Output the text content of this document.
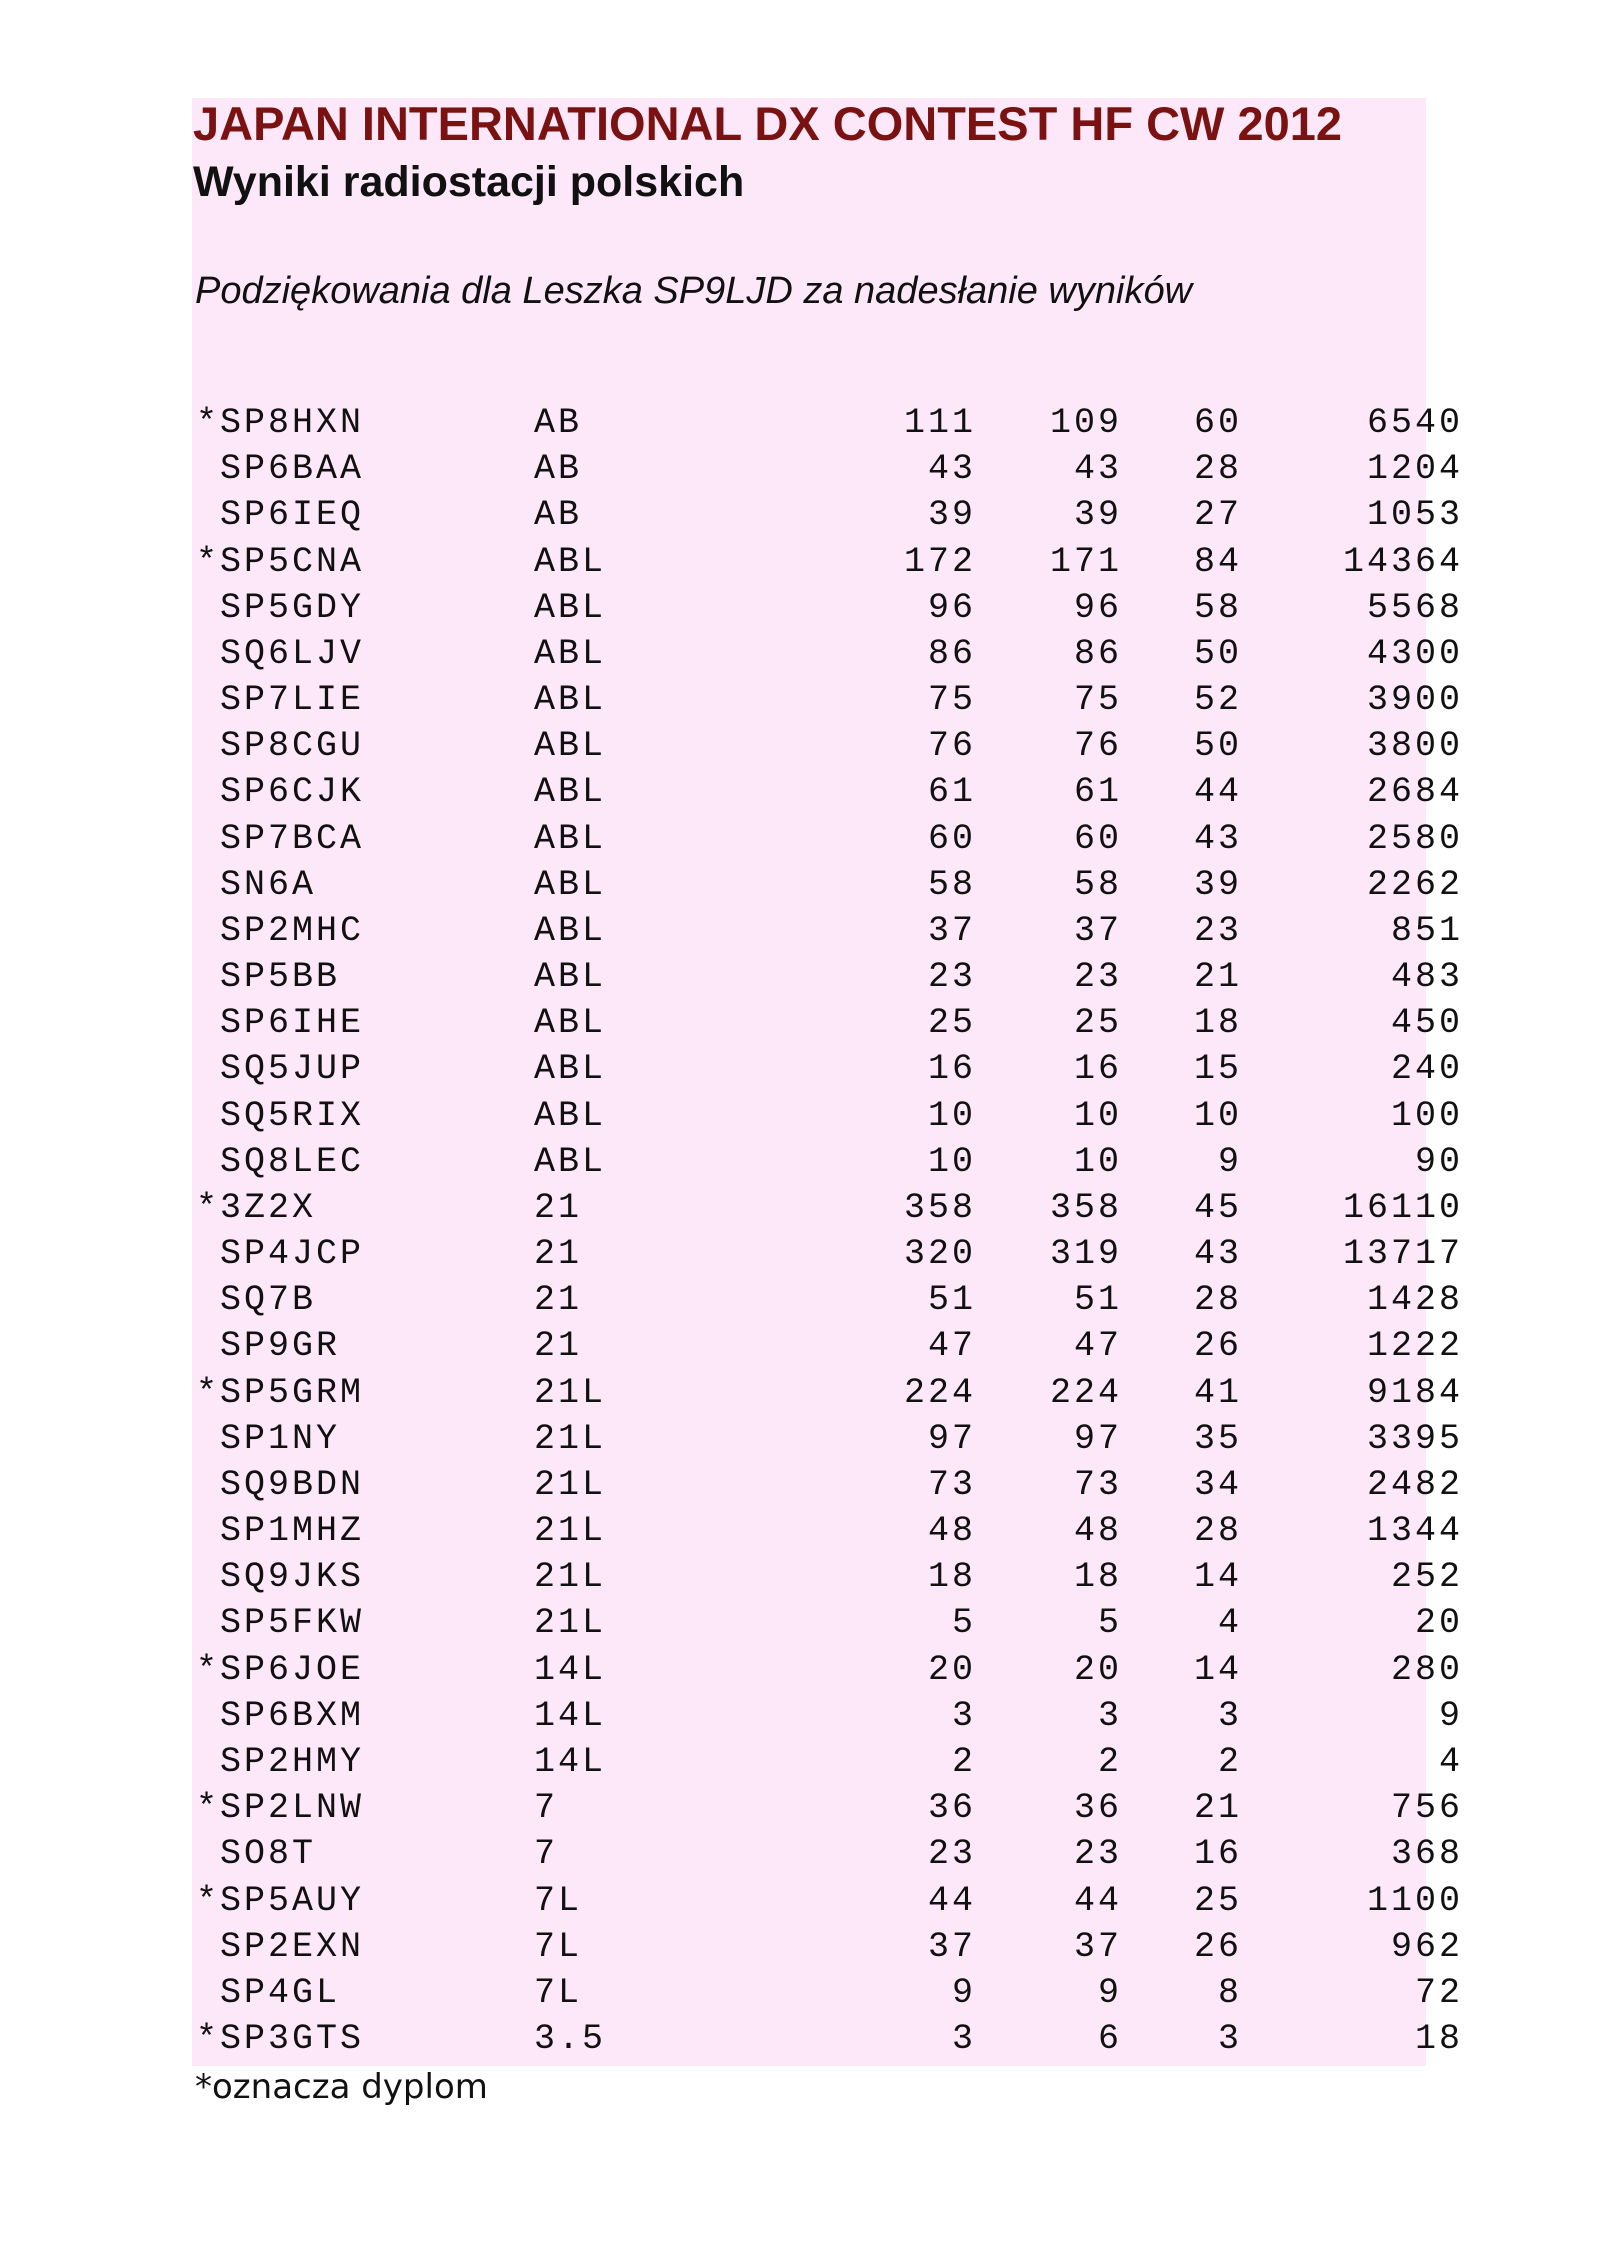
JAPAN INTERNATIONAL DX CONTEST HF CW 2012
Wyniki radiostacji polskich

Podziękowania dla Leszka SP9LJD za nadesłanie wyników

*SP8HXN	AB	111 109 60	6540
SP6BAA	AB	43	43 28	1204
SP6IEQ	AB	39	39 27	1053
*SP5CNA	ABL	172 171 84	14364
SP5GDY	ABL	96	96 58	5568
SQ6LJV	ABL	86	86 50	4300
SP7LIE	ABL	75	75 52	3900
SP8CGU	ABL	76	76 50	3800
SP6CJK	ABL	61	61 44	2684
SP7BCA	ABL	60	60 43	2580
SN6A	ABL	58	58 39	2262
SP2MHC	ABL	37	37 23	851
SP5BB	ABL	23	23 21	483
SP6IHE	ABL	25	25 18	450
SQ5JUP	ABL	16	16 15	240
SQ5RIX	ABL	10	10 10	100
SQ8LEC	ABL	10	10	9	90
*3Z2X	21	358 358 45	16110
SP4JCP	21	320 319 43	13717
SQ7B	21	51	51 28	1428
SP9GR	21	47	47 26	1222
*SP5GRM	21L	224 224 41	9184
SP1NY	21L	97	97 35	3395
SQ9BDN	21L	73	73 34	2482
SP1MHZ	21L	48	48 28	1344
SQ9JKS	21L	18	18 14	252
SP5FKW	21L	5	5	4	20
*SP6JOE	14L	20	20 14	280
SP6BXM	14L	3	3	3	9
SP2HMY	14L	2	2	2	4
*SP2LNW	7	36	36 21	756
SO8T	7	23	23 16	368
*SP5AUY	7L	44	44 25	1100
SP2EXN	7L	37	37 26	962
SP4GL	7L	9	9	8	72
*SP3GTS	3.5	3	6	3	18

*oznacza dyplom
